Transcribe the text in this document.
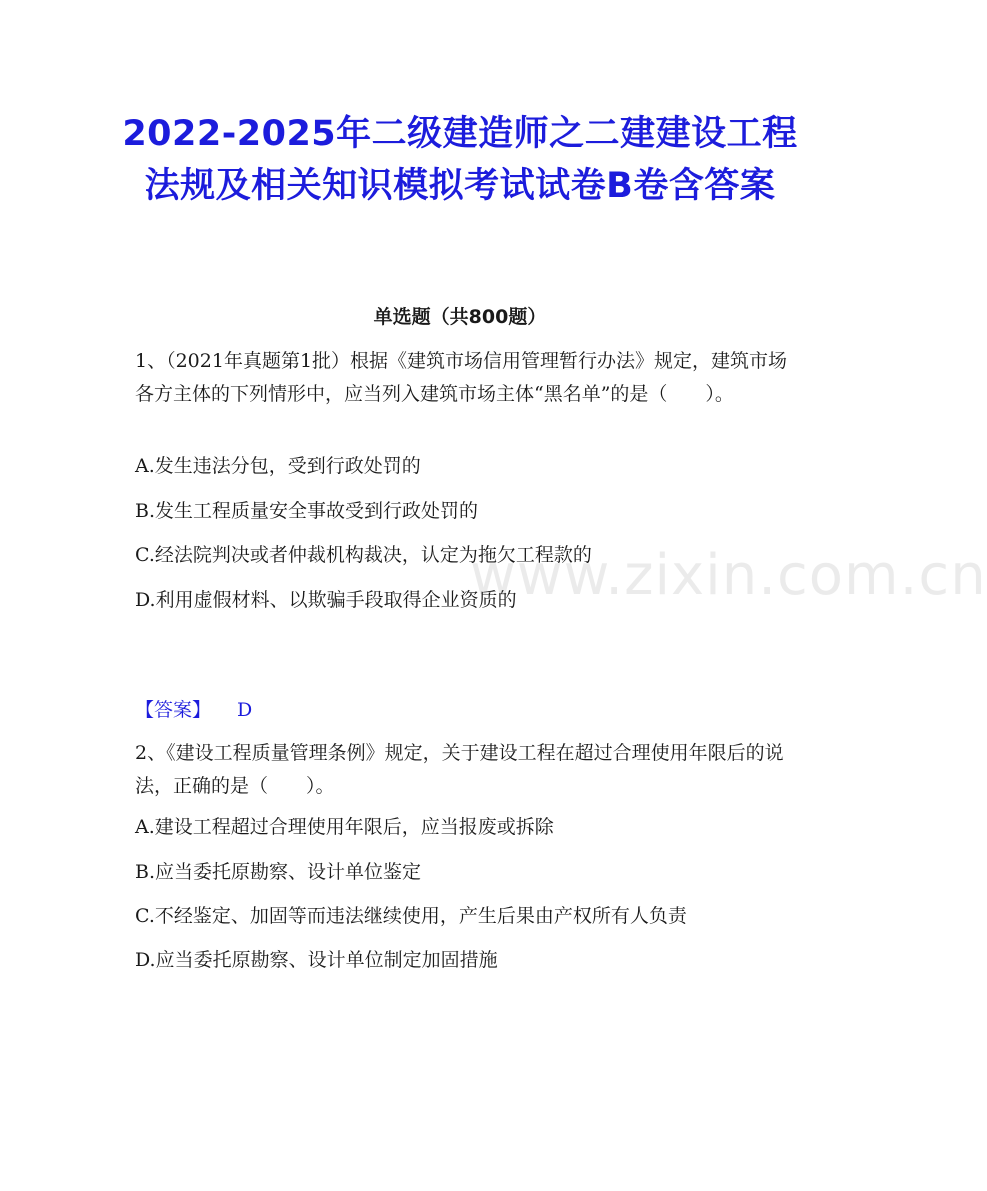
www.zixin.com.cn
2022-2025年二级建造师之二建建设工程法规及相关知识模拟考试试卷B卷含答案
单选题（共800题）
1、（2021年真题第1批）根据《建筑市场信用管理暂行办法》规定，建筑市场各方主体的下列情形中，应当列入建筑市场主体“黑名单”的是（　　）。
A.发生违法分包，受到行政处罚的
B.发生工程质量安全事故受到行政处罚的
C.经法院判决或者仲裁机构裁决，认定为拖欠工程款的
D.利用虚假材料、以欺骗手段取得企业资质的
【答案】 D
2、《建设工程质量管理条例》规定，关于建设工程在超过合理使用年限后的说法，正确的是（　　）。
A.建设工程超过合理使用年限后，应当报废或拆除
B.应当委托原勘察、设计单位鉴定
C.不经鉴定、加固等而违法继续使用，产生后果由产权所有人负责
D.应当委托原勘察、设计单位制定加固措施
